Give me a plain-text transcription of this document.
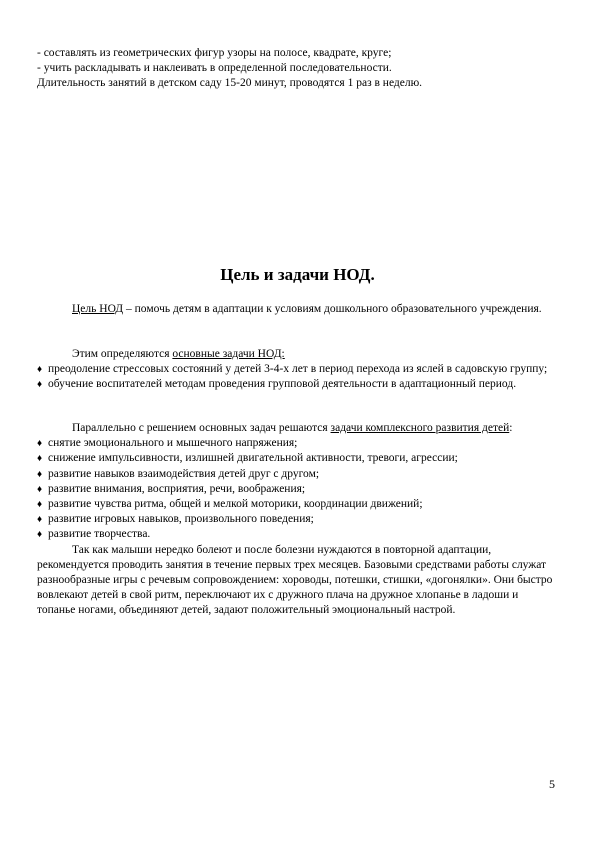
- составлять из геометрических фигур узоры на полосе, квадрате, круге;
- учить раскладывать и наклеивать в определенной последовательности.
Длительность занятий в детском саду 15-20 минут, проводятся 1 раз в неделю.
Цель и задачи НОД.
Цель НОД – помочь детям в адаптации к условиям дошкольного образовательного учреждения.
Этим определяются основные задачи НОД:
♦ преодоление стрессовых состояний у детей 3-4-х лет в период перехода из яслей в садовскую группу;
♦ обучение воспитателей методам проведения групповой деятельности в адаптационный период.
Параллельно с решением основных задач решаются задачи комплексного развития детей:
♦ снятие эмоционального и мышечного напряжения;
♦ снижение импульсивности, излишней двигательной активности, тревоги, агрессии;
♦ развитие навыков взаимодействия детей друг с другом;
♦ развитие внимания, восприятия, речи, воображения;
♦ развитие чувства ритма, общей и мелкой моторики, координации движений;
♦ развитие игровых навыков, произвольного поведения;
♦ развитие творчества.
Так как малыши нередко болеют и после болезни нуждаются в повторной адаптации, рекомендуется проводить занятия в течение первых трех месяцев. Базовыми средствами работы служат разнообразные игры с речевым сопровождением: хороводы, потешки, стишки, «догонялки». Они быстро вовлекают детей в свой ритм, переключают их с дружного плача на дружное хлопанье в ладоши и топанье ногами, объединяют детей, задают положительный эмоциональный настрой.
5
